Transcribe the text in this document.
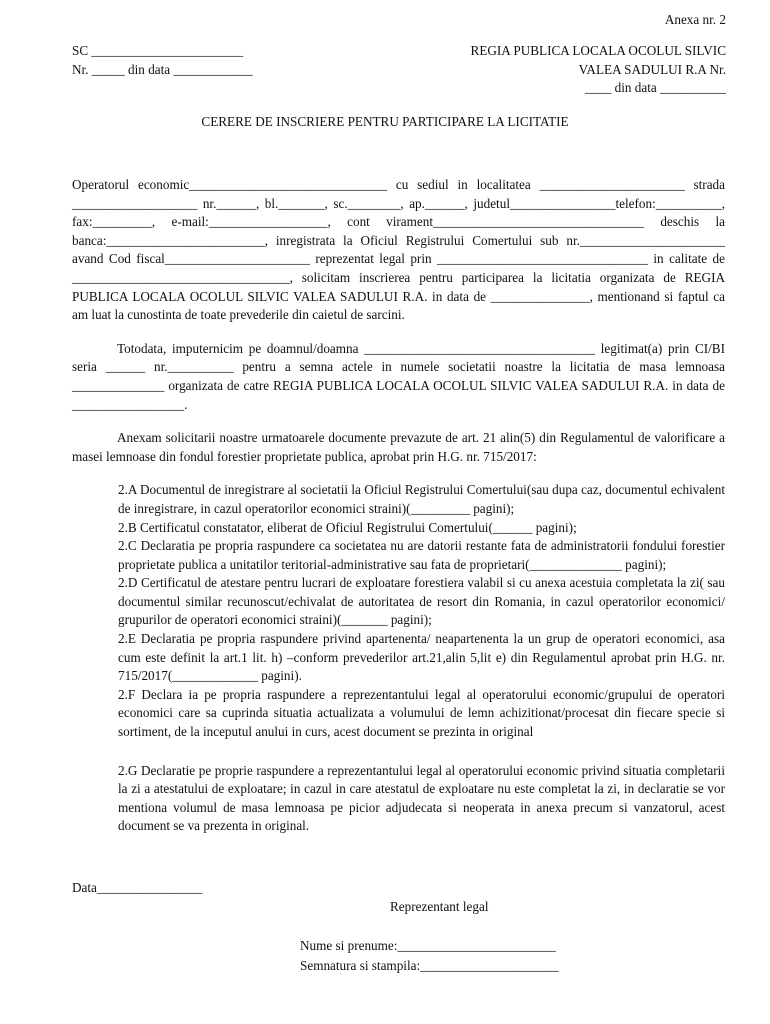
Anexa nr. 2
SC _______________________
Nr. _____ din data ____________
REGIA PUBLICA LOCALA OCOLUL SILVIC
VALEA SADULUI R.A Nr.
____ din data __________
CERERE DE INSCRIERE PENTRU PARTICIPARE LA LICITATIE

Operatorul economic______________________________ cu sediul in localitatea ______________________ strada ___________________ nr.______, bl._______, sc.________, ap.______, judetul________________telefon:__________, fax:_________, e-mail:__________________, cont virament________________________________ deschis la banca:________________________, inregistrata la Oficiul Registrului Comertului sub nr.______________________ avand Cod fiscal______________________ reprezentat legal prin ________________________________ in calitate de _________________________________, solicitam inscrierea pentru participarea la licitatia organizata de REGIA PUBLICA LOCALA OCOLUL SILVIC VALEA SADULUI R.A. in data de _______________, mentionand si faptul ca am luat la cunostinta de toate prevederile din caietul de sarcini.

Totodata, imputernicim pe doamnul/doamna ___________________________________ legitimat(a) prin CI/BI seria ______ nr.__________ pentru a semna actele in numele societatii noastre la licitatia de masa lemnoasa ______________ organizata de catre REGIA PUBLICA LOCALA OCOLUL SILVIC VALEA SADULUI R.A. in data de _________________.

Anexam solicitarii noastre urmatoarele documente prevazute de art. 21 alin(5) din Regulamentul de valorificare a masei lemnoase din fondul forestier proprietate publica, aprobat prin H.G. nr. 715/2017:

2.A Documentul de inregistrare al societatii la Oficiul Registrului Comertului(sau dupa caz, documentul echivalent de inregistrare, in cazul operatorilor economici straini)(_________ pagini);

2.B Certificatul constatator, eliberat de Oficiul Registrului Comertului(______ pagini);

2.C Declaratia pe propria raspundere ca societatea nu are datorii restante fata de administratorii fondului forestier proprietate publica a unitatilor teritorial-administrative sau fata de proprietari(______________ pagini);

2.D Certificatul de atestare pentru lucrari de exploatare forestiera valabil si cu anexa acestuia completata la zi( sau documentul similar recunoscut/echivalat de autoritatea de resort din Romania, in cazul operatorilor economici/ grupurilor de operatori economici straini)(_______ pagini);

2.E Declaratia pe propria raspundere privind apartenenta/ neapartenenta la un grup de operatori economici, asa cum este definit la art.1 lit. h) –conform prevederilor art.21,alin 5,lit e) din Regulamentul aprobat prin H.G. nr. 715/2017(_____________ pagini).

2.F Declara ia pe propria raspundere a reprezentantului legal al operatorului economic/grupului de operatori economici care sa cuprinda situatia actualizata a volumului de lemn achizitionat/procesat din fiecare specie si sortiment, de la inceputul anului in curs, acest document se prezinta in original

2.G Declaratie pe proprie raspundere a reprezentantului legal al operatorului economic privind situatia completarii la zi a atestatului de exploatare; in cazul in care atestatul de exploatare nu este completat la zi, in declaratie se vor mentiona volumul de masa lemnoasa pe picior adjudecata si neoperata in anexa precum si vanzatorul, acest document se va prezenta in original.

Data________________
Reprezentant legal
Nume si prenume:________________________
Semnatura si stampila:_____________________
